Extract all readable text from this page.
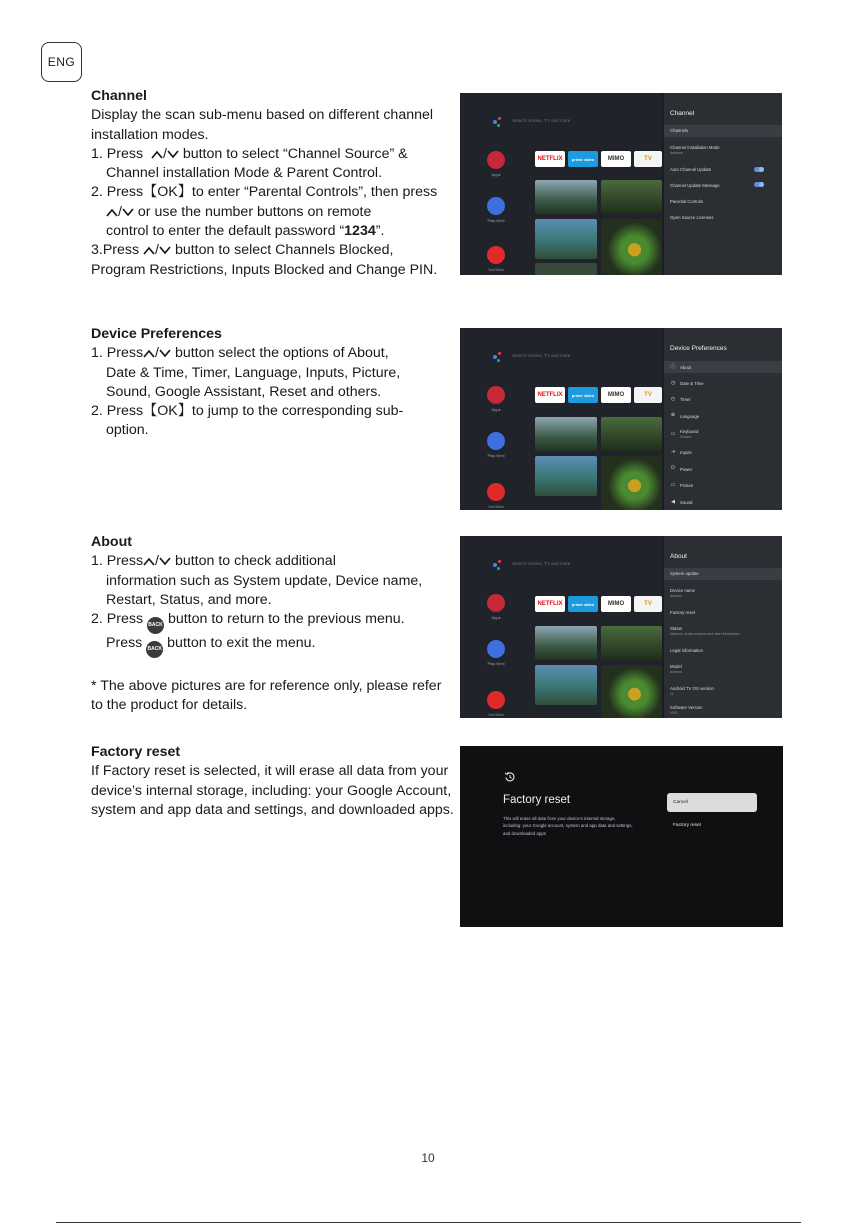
ENG
Channel

Display the scan sub-menu based on different channel installation modes.

1. Press  / button to select “Channel Source” &
Channel installation Mode & Parent Control.
2. Press【OK】to enter “Parental Controls”, then press
/ or use the number buttons on remote
control to enter the default password “1234”.
3.Press / button to select Channels Blocked,
Program Restrictions, Inputs Blocked and Change PIN.
Search movies, TV and more
Apps
Play Next
YouTube
NETFLIX	prime video	MIMO	TV
Channel
Channels
Channel Installation Mode
Antenna
Auto Channel Update
Channel Update Message
Parental Controls
Open Source Licenses
Device Preferences
1. Press / button select the options of About,
Date & Time, Timer, Language, Inputs, Picture,
Sound, Google Assistant, Reset and others.
2. Press【OK】to jump to the corresponding sub-
option.
Search movies, TV and more
Apps
Play Next
YouTube
NETFLIX	prime video	MIMO	TV
Device Preferences
ⓘ About
◷ Date & Time
◴ Timer
⊕ Language
▭ Keyboard
Gboard
⇥ Inputs
⏻ Power
▭ Picture
◀ Sound
About
1. Press / button to check additional
information such as System update, Device name,
Restart, Status, and more.
2. Press BACK button to return to the previous menu.
Press BACK button to exit the menu.

* The above pictures are for reference only, please refer to the product for details.

Search movies, TV and more
Apps
Play Next
YouTube
NETFLIX	prime video	MIMO	TV
About
System update
Device name
Android
Factory reset
Status
Network, serial numbers and other information
Legal information
Model
Android
Android TV OS version
11
Software Version
V001
Factory reset

If Factory reset is selected, it will erase all data from your device’s internal storage, including: your Google Account, system and app data and settings, and downloaded apps.

Factory reset
This will erase all data from your device's internal storage, including: your Google account, system and app data and settings, and downloaded apps
Cancel
Factory reset
10
